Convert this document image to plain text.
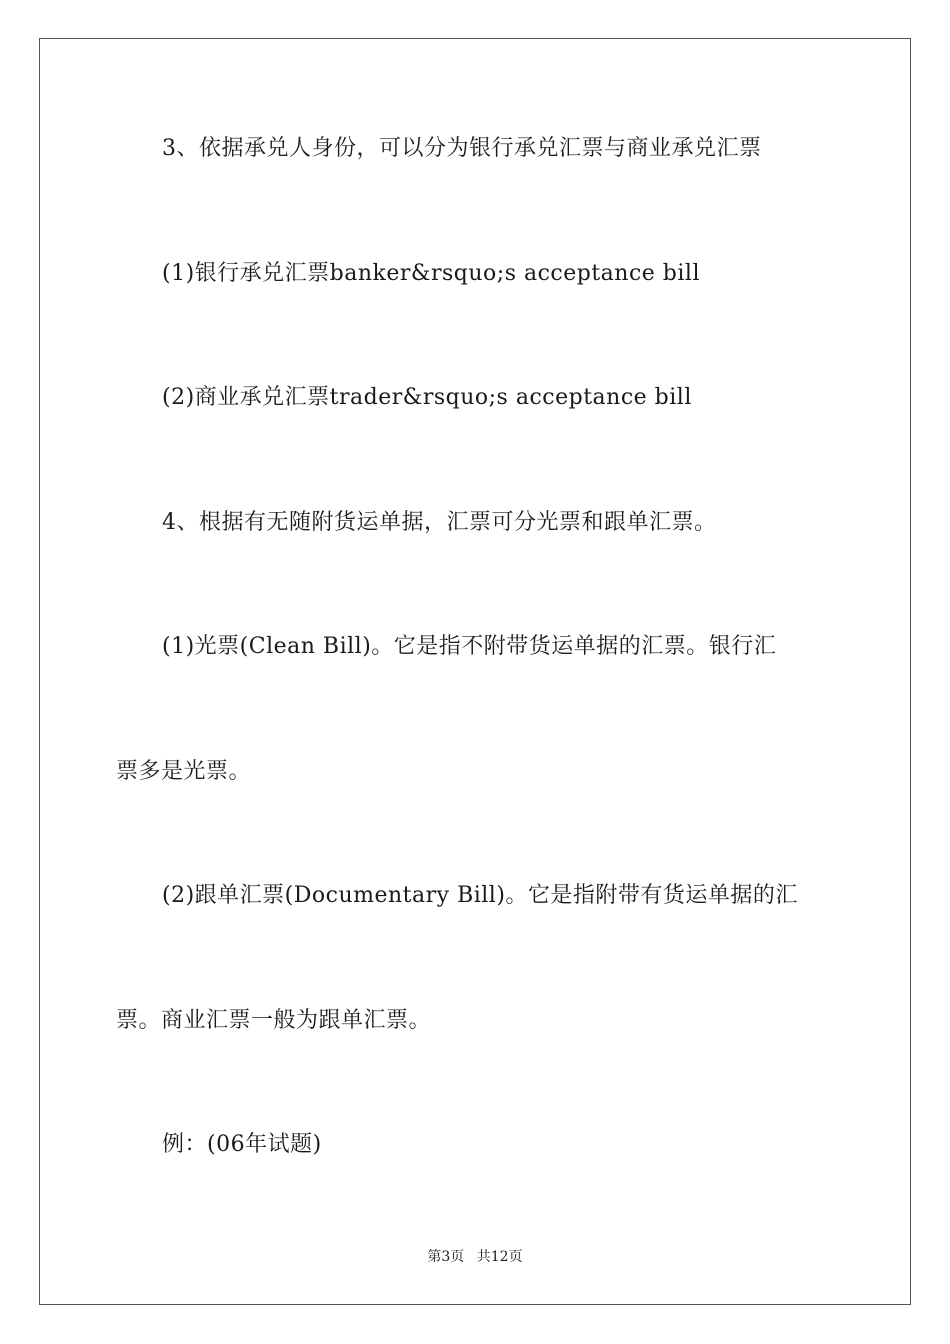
3、依据承兑人身份，可以分为银行承兑汇票与商业承兑汇票
(1)银行承兑汇票banker&rsquo;s acceptance bill
(2)商业承兑汇票trader&rsquo;s acceptance bill
4、根据有无随附货运单据，汇票可分光票和跟单汇票。
(1)光票(Clean Bill)。它是指不附带货运单据的汇票。银行汇
票多是光票。
(2)跟单汇票(Documentary Bill)。它是指附带有货运单据的汇
票。商业汇票一般为跟单汇票。
例：(06年试题)
第3页 共12页
